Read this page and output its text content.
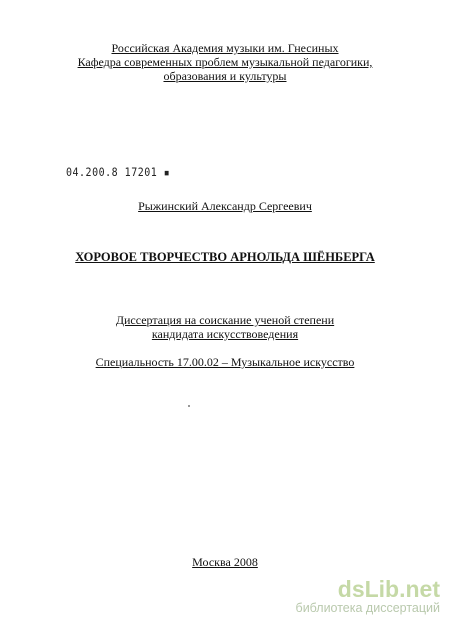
Российская Академия музыки им. Гнесиных
Кафедра современных проблем музыкальной педагогики,
образования и культуры
04.200.8 17201 ▪
Рыжинский Александр Сергеевич
ХОРОВОЕ ТВОРЧЕСТВО АРНОЛЬДА ШЁНБЕРГА
Диссертация на соискание ученой степени
кандидата искусствоведения
Специальность 17.00.02 – Музыкальное искусство
Москва 2008
dsLib.net
библиотека диссертаций
